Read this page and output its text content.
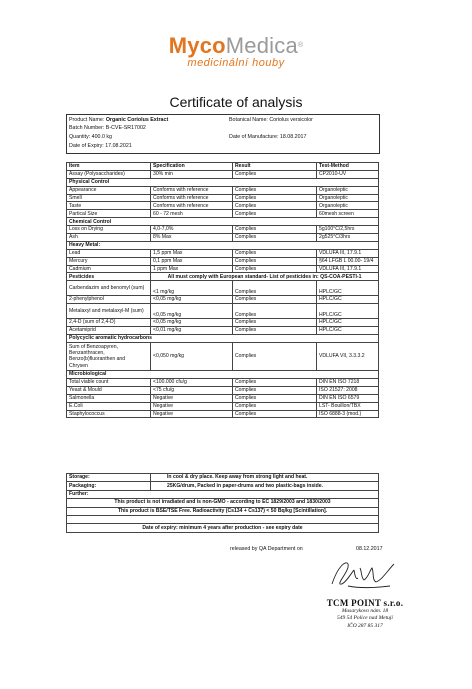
MycoMedica®
medicinální houby
Certificate of analysis
Product Name: Organic Coriolus Extract	Botanical Name: Coriolus versicolor
Batch Number: B-CVE-SR17002
Quantity: 400.0 kg	Date of Manufacture: 18.08.2017
Date of Expiry: 17.08.2021
Item	Specification	Result	Test-Method
Assay (Polysaccharides)	30% min	Complies	CP2010-UV
Physical Control			
Appearance	Conforms with reference	Complies	Organoleptic
Smell	Conforms with reference	Complies	Organoleptic
Taste	Conforms with reference	Complies	Organoleptic
Partical Size	60 - 72 mesh	Complies	60mesh screen
Chemical Control			
Loss on Drying	4,0-7,0%	Complies	5g100°C/2,5hrs
Ash	8% Max	Complies	2g525°C/3hrs
Heavy Metal:			
Lead	1,5 ppm Max	Complies	VDLUFA III, 17.9.1
Mercury	0,1 ppm Max	Complies	§64 LFGB L 00.00- 19/4
Cadmium	1 ppm Max	Complies	VDLUFA III, 17.9.1
Pesticides	All must comply with European standard- List of pesticides in: QS-COA-PESTI-1		

Carbendazim and benomyl (sum)	<1 mg/kg	Complies	HPLC/GC
2-phenylphenol	<0,05 mg/kg	Complies	HPLC/GC

Metalaxyl and metalaxyl-M (sum)	<0,05 mg/kg	Complies	HPLC/GC
2,4-D (sum of 2,4-D)	<0,05 mg/kg	Complies	HPLC/GC
Acetamiprid	<0,01 mg/kg	Complies	HPLC/GC
Polycyclic aromatic hydrocarbons			

Sum of Benzoapyren, Benzanthracen, Benzo(b)fluoranthen and Chrysen	<0,050 mg/kg	Complies	VDLUFA VII, 3.3.3.2
Microbiological			
Total viable count	<100.000 cfu/g	Complies	DIN EN ISO 7218
Yeast & Mould	<75 cfu/g	Complies	ISO 21527: 2008
Salmonella	Negative	Complies	DIN EN ISO 6579
E.Coli	Negative	Complies	LST- Bouillon/TBX
Staphylococcus	Negative	Complies	ISO 6888-3 (mod.)
Storage:	In cool & dry place. Keep away from strong light and heat.
Packaging:	25KG/drum, Packed in paper-drums and two plastic-bags inside.
Further:	
This product is not irradiated and is non-GMO - according to EC 1829/2003 and 1830/2003	
This product is BSE/TSE Free. Radioactivity (Cs134 + Cs137) < 50 Bq/kg [Scintillation].	

Date of expiry: minimum 4 years after production - see expiry date	
released by QA Department on	08.12.2017
TCM POINT s.r.o.
Masarykovo nám. 18
549 54 Police nad Metují
IČO 287 85 317
